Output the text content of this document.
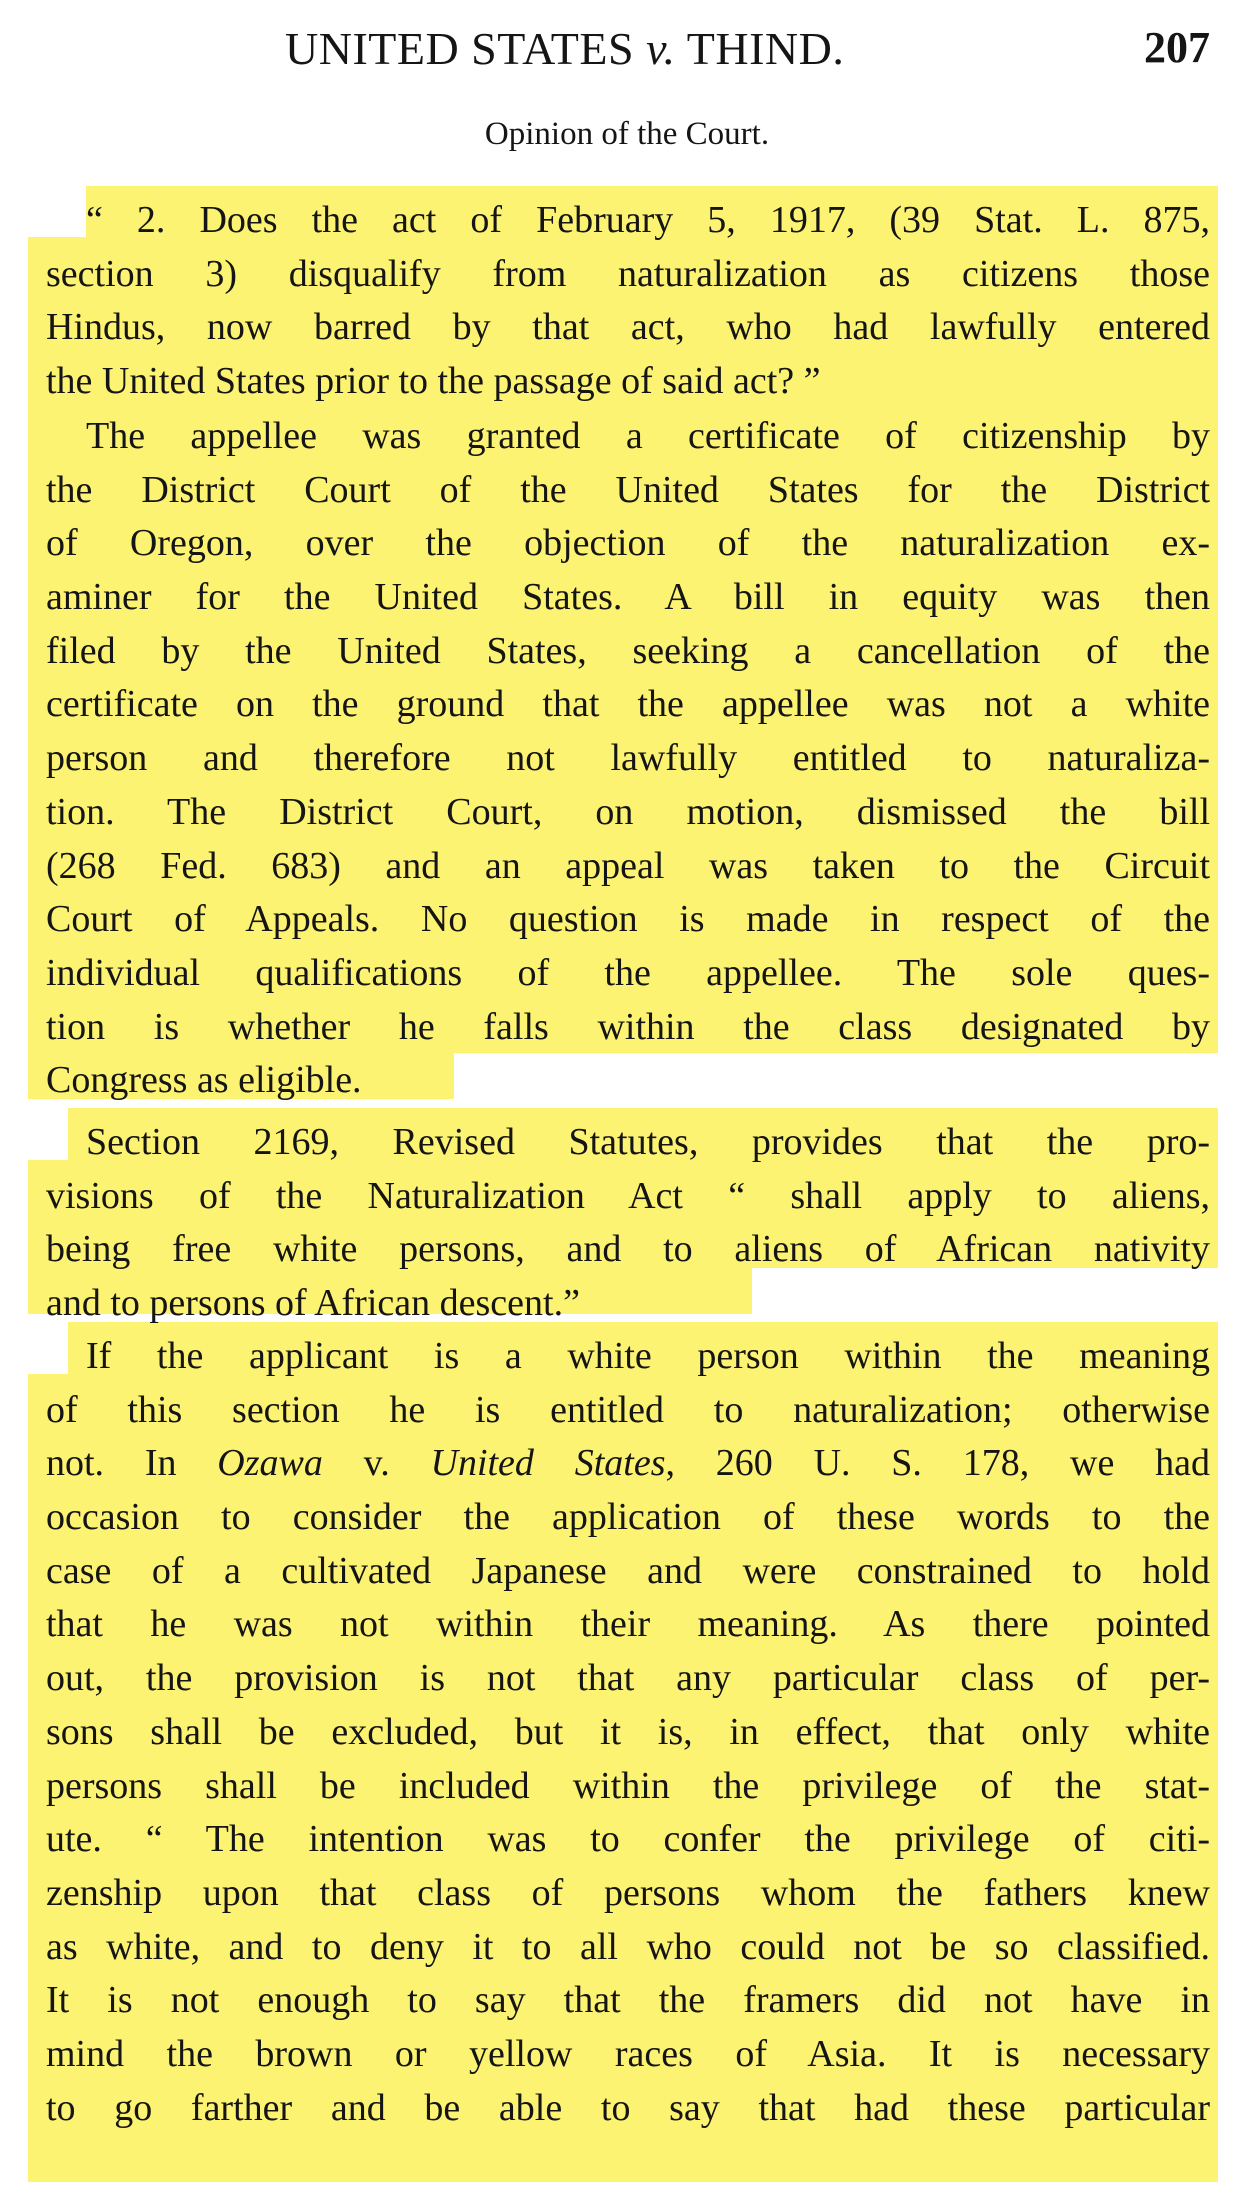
UNITED STATES v. THIND.	207
Opinion of the Court.
“ 2. Does the act of February 5, 1917, (39 Stat. L. 875,
section 3) disqualify from naturalization as citizens those
Hindus, now barred by that act, who had lawfully entered
the United States prior to the passage of said act? ”
The appellee was granted a certificate of citizenship by
the District Court of the United States for the District
of Oregon, over the objection of the naturalization ex-
aminer for the United States. A bill in equity was then
filed by the United States, seeking a cancellation of the
certificate on the ground that the appellee was not a white
person and therefore not lawfully entitled to naturaliza-
tion. The District Court, on motion, dismissed the bill
(268 Fed. 683) and an appeal was taken to the Circuit
Court of Appeals. No question is made in respect of the
individual qualifications of the appellee. The sole ques-
tion is whether he falls within the class designated by
Congress as eligible.
Section 2169, Revised Statutes, provides that the pro-
visions of the Naturalization Act “ shall apply to aliens,
being free white persons, and to aliens of African nativity
and to persons of African descent.”
If the applicant is a white person within the meaning
of this section he is entitled to naturalization; otherwise
not. In Ozawa v. United States, 260 U. S. 178, we had
occasion to consider the application of these words to the
case of a cultivated Japanese and were constrained to hold
that he was not within their meaning. As there pointed
out, the provision is not that any particular class of per-
sons shall be excluded, but it is, in effect, that only white
persons shall be included within the privilege of the stat-
ute. “ The intention was to confer the privilege of citi-
zenship upon that class of persons whom the fathers knew
as white, and to deny it to all who could not be so classified.
It is not enough to say that the framers did not have in
mind the brown or yellow races of Asia. It is necessary
to go farther and be able to say that had these particular
